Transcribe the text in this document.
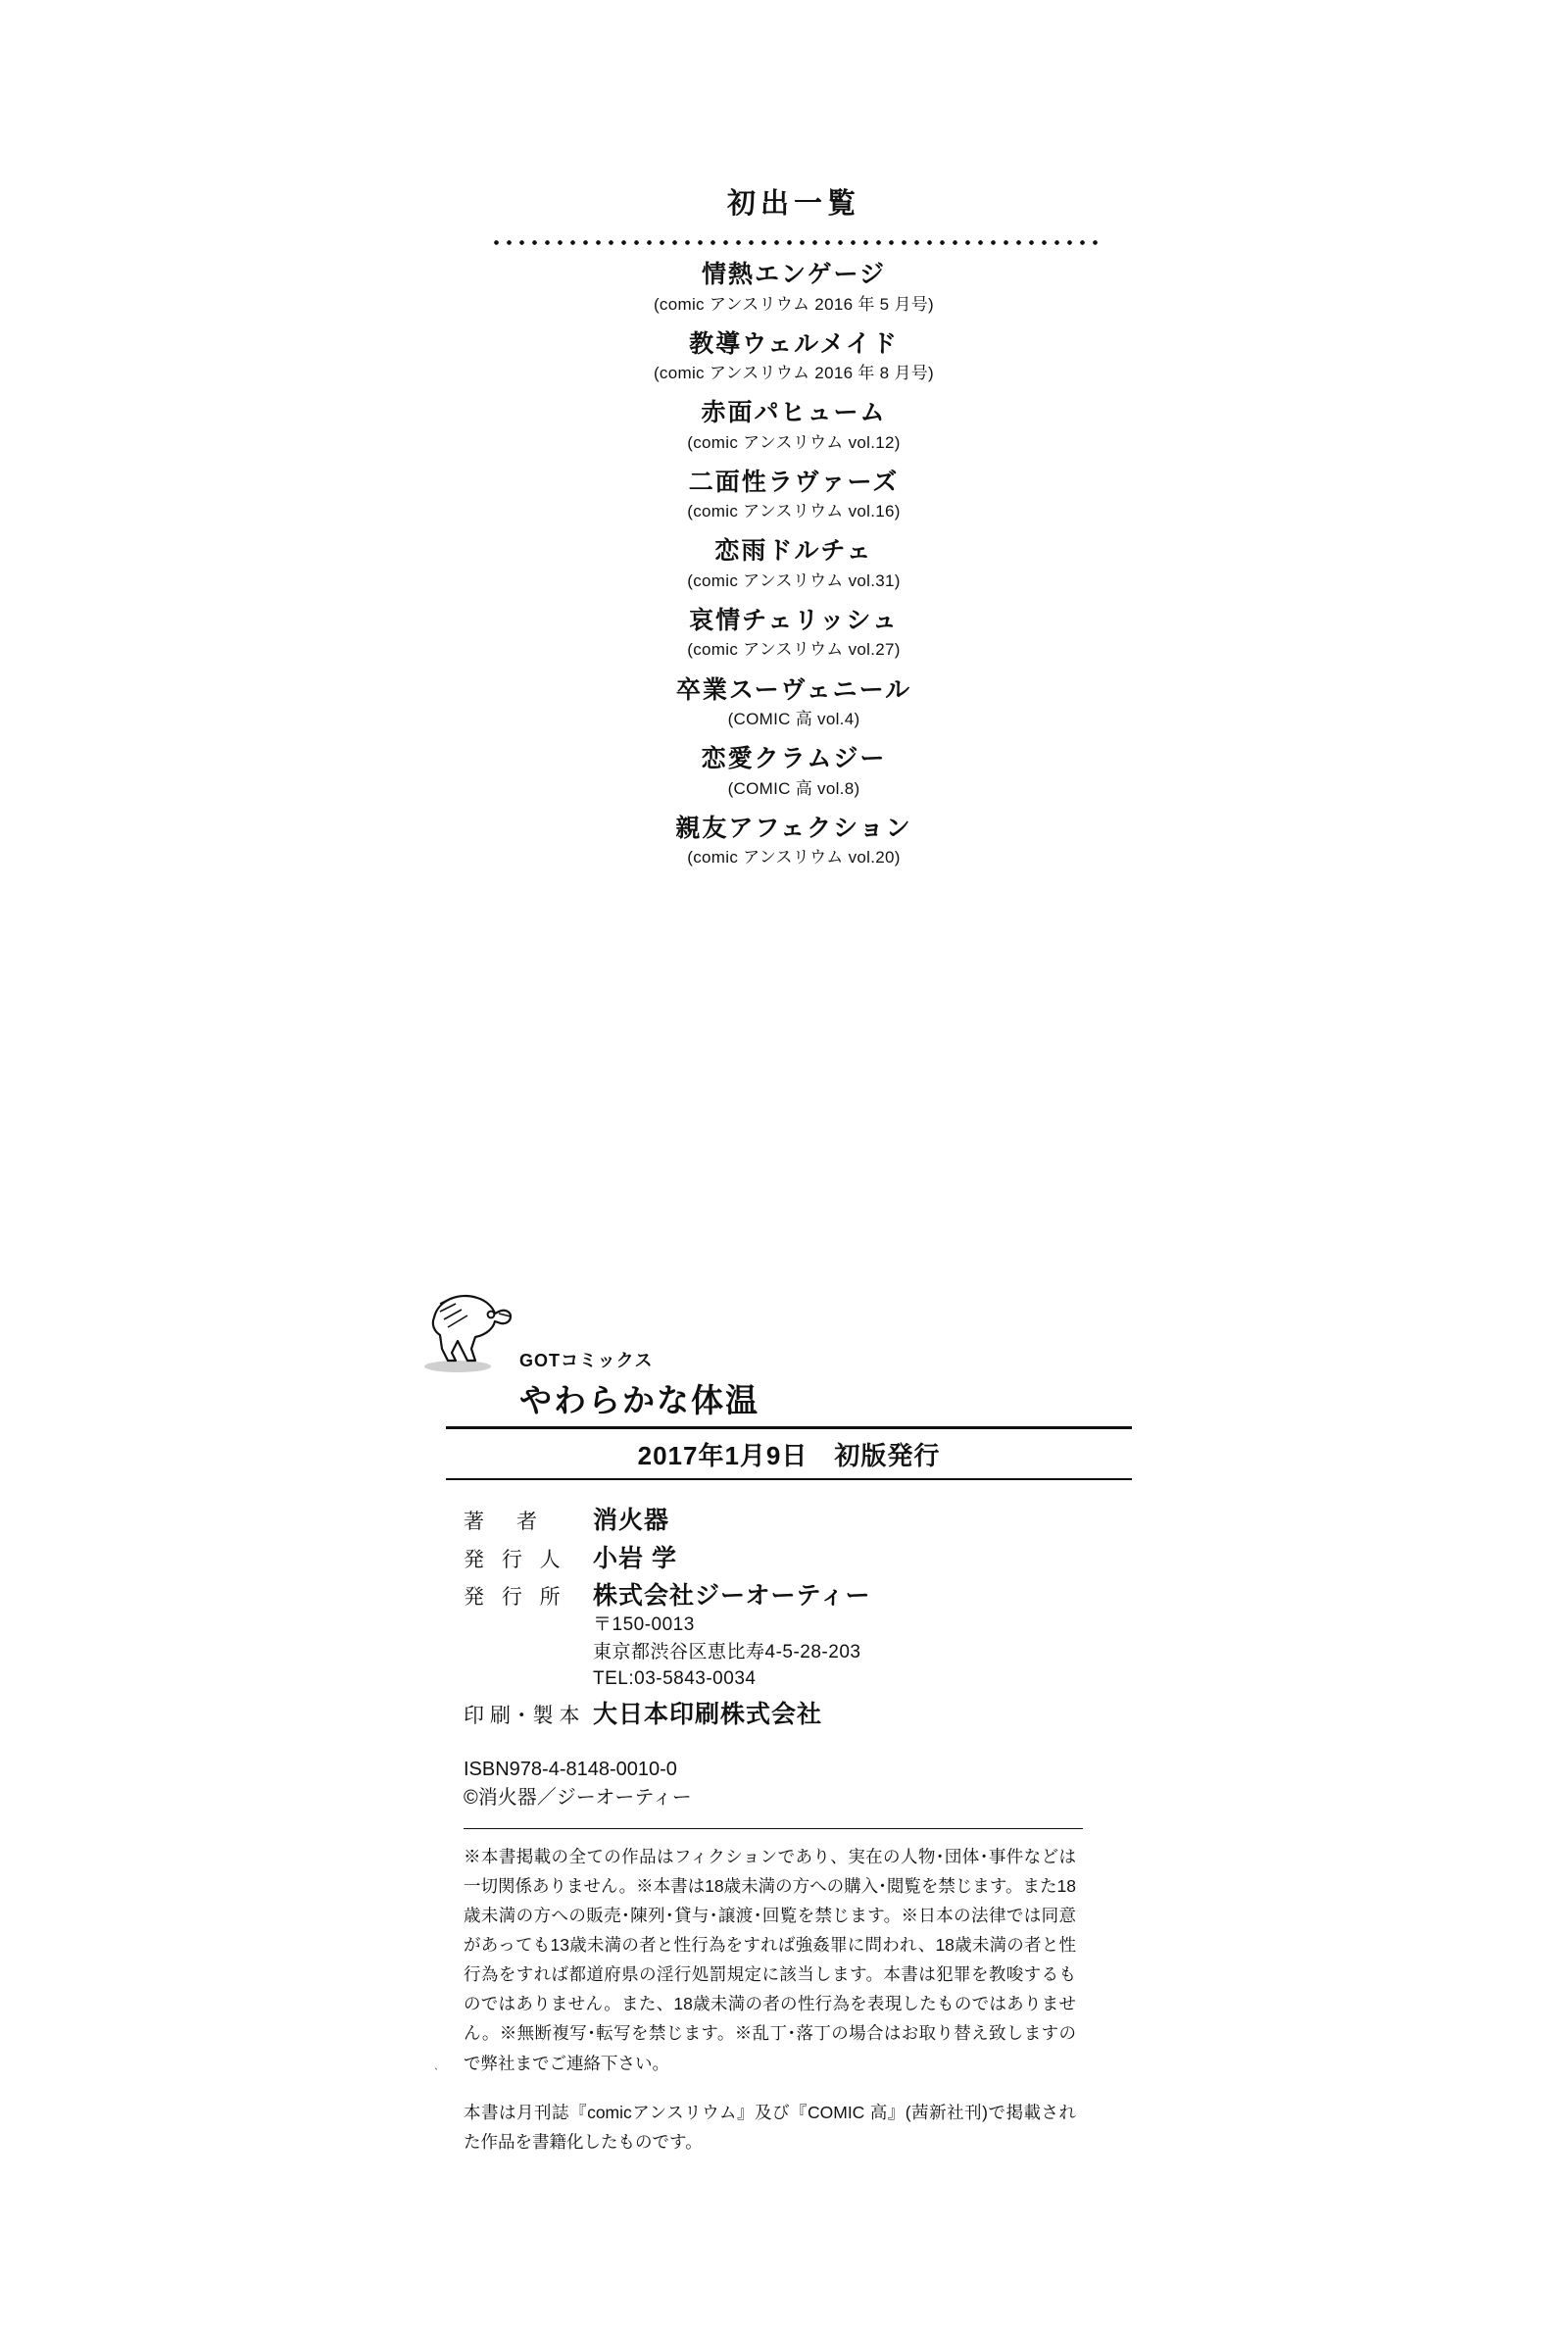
初出一覧
情熱エンゲージ
(comic アンスリウム 2016 年 5 月号)
教導ウェルメイド
(comic アンスリウム 2016 年 8 月号)
赤面パヒューム
(comic アンスリウム vol.12)
二面性ラヴァーズ
(comic アンスリウム vol.16)
恋雨ドルチェ
(comic アンスリウム vol.31)
哀情チェリッシュ
(comic アンスリウム vol.27)
卒業スーヴェニール
(COMIC 高 vol.4)
恋愛クラムジー
(COMIC 高 vol.8)
親友アフェクション
(comic アンスリウム vol.20)
GOTコミックス
やわらかな体温
2017年1月9日　初版発行
著　者	消火器
発 行 人	小岩 学
発 行 所	株式会社ジーオーティー
〒150-0013
東京都渋谷区恵比寿4-5-28-203
TEL:03-5843-0034
印刷･製本 大日本印刷株式会社
ISBN978-4-8148-0010-0
©消火器／ジーオーティー

※本書掲載の全ての作品はフィクションであり、実在の人物･団体･事件などは一切関係ありません。※本書は18歳未満の方への購入･閲覧を禁じます。また18歳未満の方への販売･陳列･貸与･譲渡･回覧を禁じます。※日本の法律では同意があっても13歳未満の者と性行為をすれば強姦罪に問われ、18歳未満の者と性行為をすれば都道府県の淫行処罰規定に該当します。本書は犯罪を教唆するものではありません。また、18歳未満の者の性行為を表現したものではありません。※無断複写･転写を禁じます。※乱丁･落丁の場合はお取り替え致しますので弊社までご連絡下さい。

本書は月刊誌『comicアンスリウム』及び『COMIC 高』(茜新社刊)で掲載された作品を書籍化したものです。

ˎ
